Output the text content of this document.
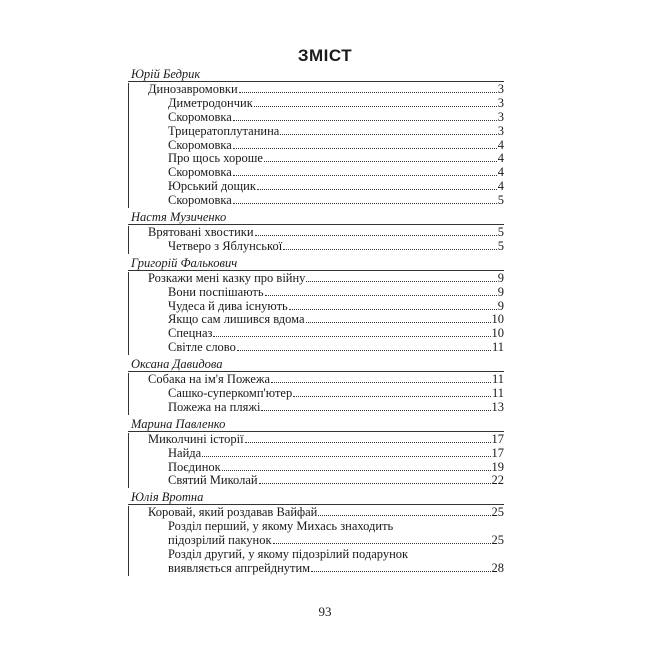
ЗМІСТ
Юрій Бедрик
Динозавромовки	3
Диметродончик	3
Скоромовка	3
Трицератоплутанина	3
Скоромовка	4
Про щось хороше	4
Скоромовка	4
Юрський дощик	4
Скоромовка	5
Настя Музиченко
Врятовані хвостики	5
Четверо з Яблунської	5
Григорій Фалькович
Розкажи мені казку про війну	9
Вони поспішають	9
Чудеса й дива існують	9
Якщо сам лишився вдома	10
Спецназ	10
Світле слово	11
Оксана Давидова
Собака на ім'я Пожежа	11
Сашко-суперкомп'ютер	11
Пожежа на пляжі	13
Марина Павленко
Миколчині історії	17
Найда	17
Поєдинок	19
Святий Миколай	22
Юлія Вротна
Коровай, який роздавав Вайфай	25
Розділ перший, у якому Михась знаходить
підозрілий пакунок	25
Розділ другий, у якому підозрілий подарунок
виявляється апгрейднутим	28
93
